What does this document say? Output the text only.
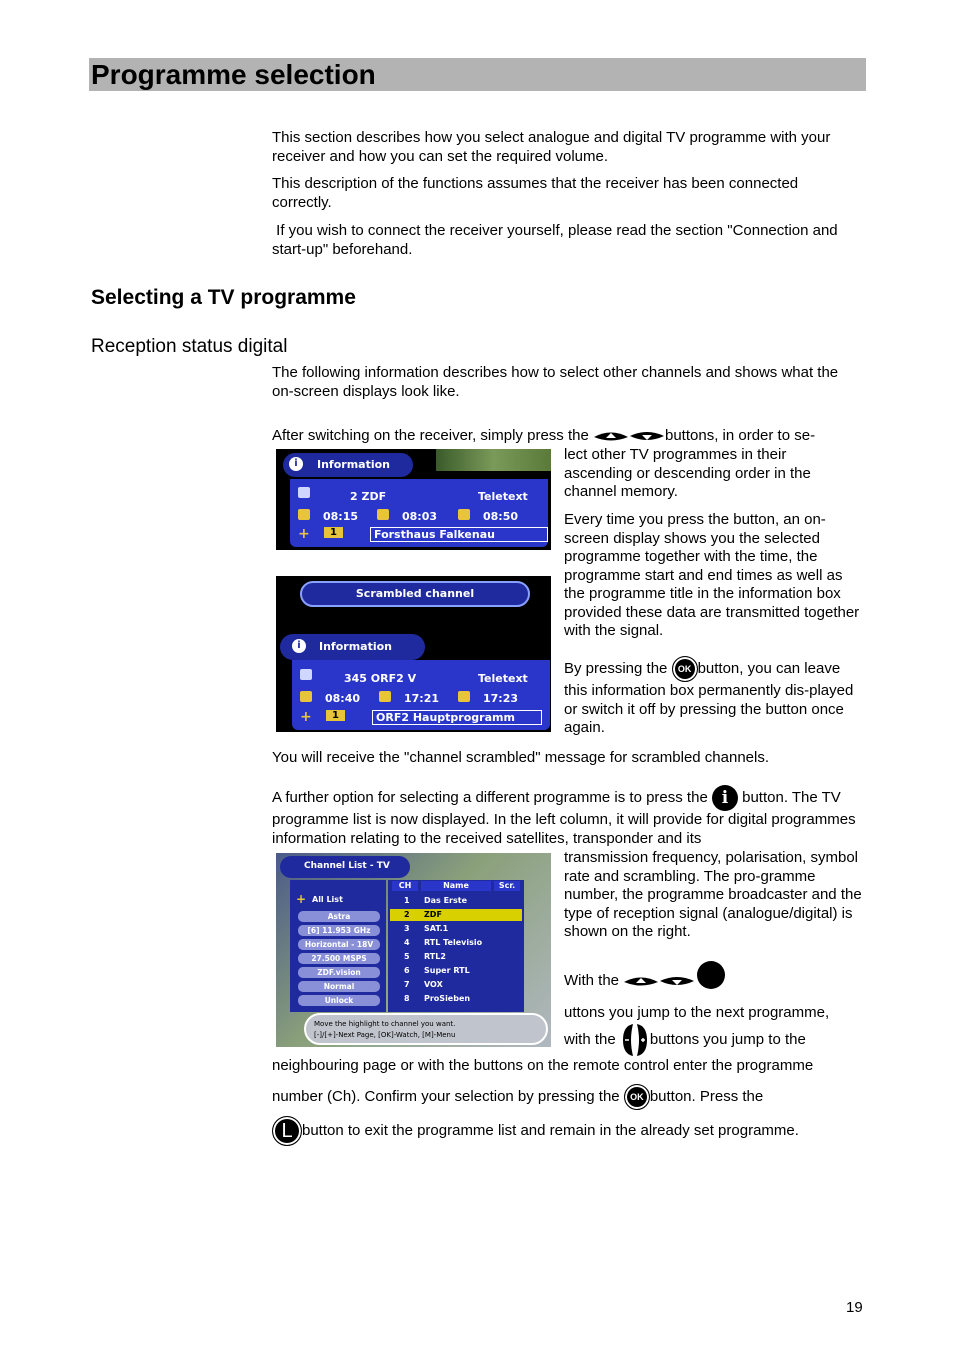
Programme selection
This section describes how you select analogue and digital TV programme with your receiver and how you can set the required volume.
This description of the functions assumes that the receiver has been connected correctly.
If you wish to connect the receiver yourself, please read the section "Connection and start-up" beforehand.
Selecting a TV programme
Reception status digital
The following information describes how to select other channels and shows what the on-screen displays look like.
After switching on the receiver, simply press the	buttons, in order to se-
lect other TV programmes in their ascending or descending order in the channel memory.
i	Information
2 ZDF	Teletext
08:15	08:03	08:50
+	1	Forsthaus Falkenau
Scrambled channel
i	Information
345 ORF2 V	Teletext
08:40	17:21	17:23
+	1	ORF2 Hauptprogramm
Every time you press the button, an on-screen display shows you the selected programme together with the time, the programme start and end times as well as the programme title in the information box provided these data are transmitted together with the signal.
By pressing the OK button, you can leave this information box permanently dis-played or switch it off by pressing the button once again.
You will receive the "channel scrambled" message for scrambled channels.
A further option for selecting a different programme is to press the i button. The TV programme list is now displayed. In the left column, it will provide for digital programmes information relating to the received satellites, transponder and its
Channel List - TV
+ All List
Astra
[6] 11.953 GHz
Horizontal - 18V
27.500 MSPS
ZDF.vision
Normal
Unlock
CH	Name	Scr.
1 Das Erste
2 ZDF
3 SAT.1
4 RTL Televisio
5 RTL2
6 Super RTL
7 VOX
8 ProSieben
Move the highlight to channel you want.
[-]/[+]-Next Page, [OK]-Watch, [M]-Menu
transmission frequency, polarisation, symbol rate and scrambling. The pro-gramme number, the programme broadcaster and the type of reception signal (analogue/digital) is shown on the right.
With the
uttons you jump to the next programme,
with the buttons you jump to the
neighbouring page or with the buttons on the remote control enter the programme
number (Ch). Confirm your selection by pressing the OK button. Press the
L button to exit the programme list and remain in the already set programme.
19
